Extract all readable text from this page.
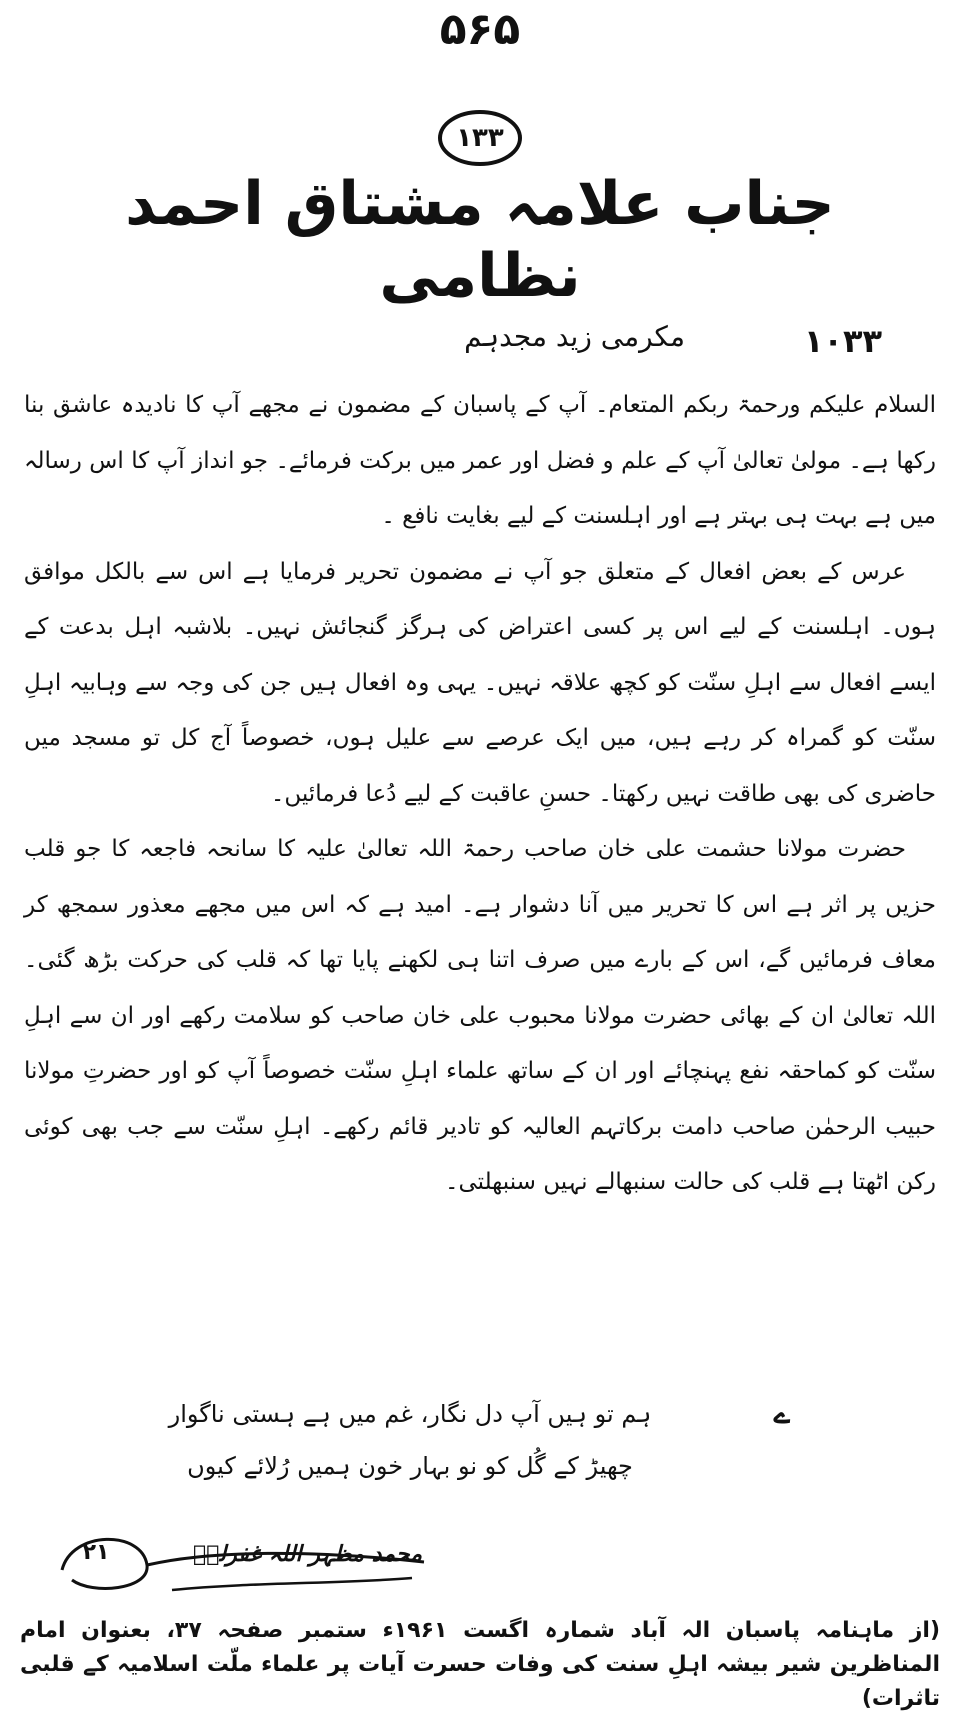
۵۶۵
۱۳۳
جناب علامہ مشتاق احمد نظامی
۱۰۳۳
مکرمی زید مجدہم

السلام علیکم ورحمۃ ربکم المتعام۔ آپ کے پاسبان کے مضمون نے مجھے آپ کا نادیدہ عاشق بنا رکھا ہے۔ مولیٰ تعالیٰ آپ کے علم و فضل اور عمر میں برکت فرمائے۔ جو انداز آپ کا اس رسالہ میں ہے بہت ہی بہتر ہے اور اہلسنت کے لیے بغایت نافع ۔

عرس کے بعض افعال کے متعلق جو آپ نے مضمون تحریر فرمایا ہے اس سے بالکل موافق ہوں۔ اہلسنت کے لیے اس پر کسی اعتراض کی ہرگز گنجائش نہیں۔ بلاشبہ اہل بدعت کے ایسے افعال سے اہلِ سنّت کو کچھ علاقہ نہیں۔ یہی وہ افعال ہیں جن کی وجہ سے وہابیہ اہلِ سنّت کو گمراہ کر رہے ہیں، میں ایک عرصے سے علیل ہوں، خصوصاً آج کل تو مسجد میں حاضری کی بھی طاقت نہیں رکھتا۔ حسنِ عاقبت کے لیے دُعا فرمائیں۔

حضرت مولانا حشمت علی خان صاحب رحمۃ اللہ تعالیٰ علیہ کا سانحہ فاجعہ کا جو قلب حزیں پر اثر ہے اس کا تحریر میں آنا دشوار ہے۔ امید ہے کہ اس میں مجھے معذور سمجھ کر معاف فرمائیں گے، اس کے بارے میں صرف اتنا ہی لکھنے پایا تھا کہ قلب کی حرکت بڑھ گئی۔ اللہ تعالیٰ ان کے بھائی حضرت مولانا محبوب علی خان صاحب کو سلامت رکھے اور ان سے اہلِ سنّت کو کماحقہ نفع پہنچائے اور ان کے ساتھ علماء اہلِ سنّت خصوصاً آپ کو اور حضرتِ مولانا حبیب الرحمٰن صاحب دامت برکاتہم العالیہ کو تادیر قائم رکھے۔ اہلِ سنّت سے جب بھی کوئی رکن اٹھتا ہے قلب کی حالت سنبھالے نہیں سنبھلتی۔

ے
ہم تو ہیں آپ دل نگار، غم میں ہے ہستی ناگوار
چھیڑ کے گُل کو نو بہار خون ہمیں رُلائے کیوں
۲۱	محمد مظہر اللہ غفرلہٗ
(از ماہنامہ پاسبان الہ آباد شمارہ اگست ۱۹۶۱ء ستمبر صفحہ ۳۷، بعنوان امام المناظرین شیر بیشہ اہلِ سنت کی وفات حسرت آیات پر علماء ملّت اسلامیہ کے قلبی تاثرات)
